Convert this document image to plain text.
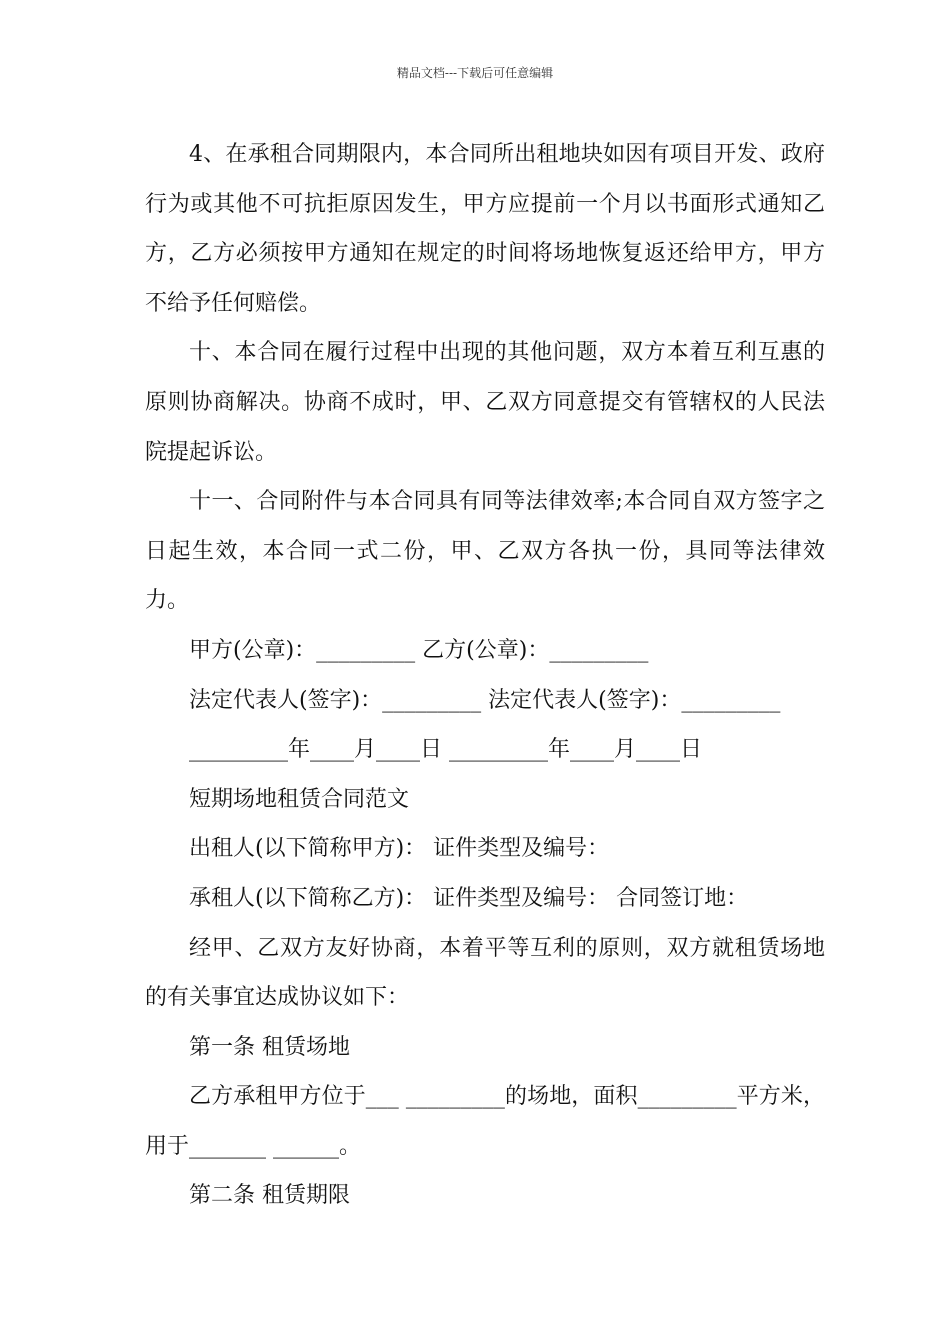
精品文档---下载后可任意编辑

4、在承租合同期限内，本合同所出租地块如因有项目开发、政府行为或其他不可抗拒原因发生，甲方应提前一个月以书面形式通知乙方，乙方必须按甲方通知在规定的时间将场地恢复返还给甲方，甲方不给予任何赔偿。

十、本合同在履行过程中出现的其他问题，双方本着互利互惠的原则协商解决。协商不成时，甲、乙双方同意提交有管辖权的人民法院提起诉讼。

十一、合同附件与本合同具有同等法律效率;本合同自双方签字之日起生效，本合同一式二份，甲、乙双方各执一份，具同等法律效力。

甲方(公章)：_________ 乙方(公章)：_________

法定代表人(签字)：_________ 法定代表人(签字)：_________

_________年____月____日 _________年____月____日

短期场地租赁合同范文

出租人(以下简称甲方)： 证件类型及编号：

承租人(以下简称乙方)： 证件类型及编号： 合同签订地：

经甲、乙双方友好协商，本着平等互利的原则，双方就租赁场地的有关事宜达成协议如下：

第一条 租赁场地

乙方承租甲方位于___ _________的场地，面积_________平方米，用于_______ ______。

第二条 租赁期限
